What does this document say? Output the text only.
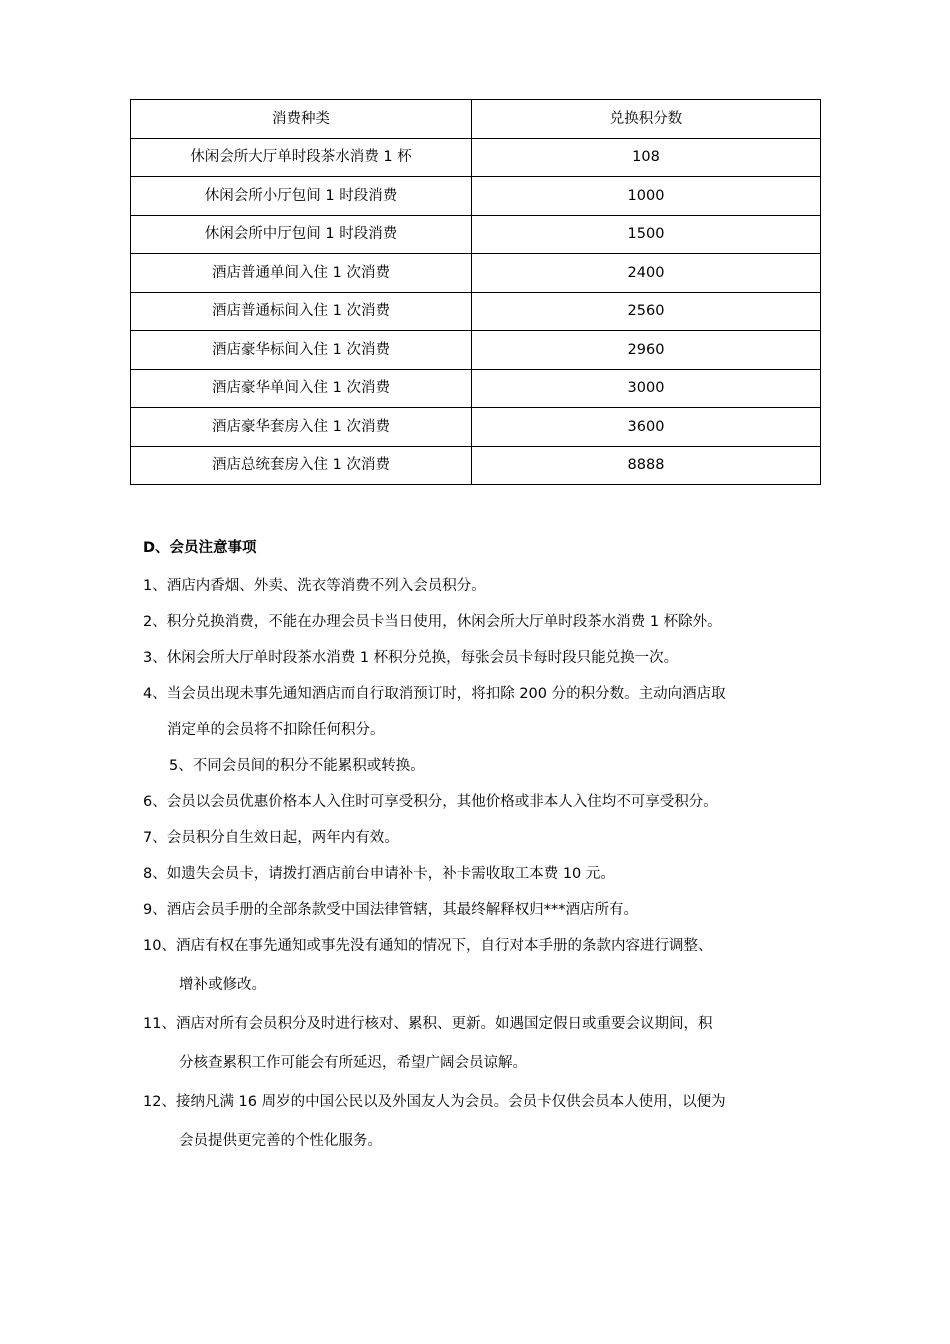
消费种类	兑换积分数
休闲会所大厅单时段茶水消费 1 杯	108
休闲会所小厅包间 1 时段消费	1000
休闲会所中厅包间 1 时段消费	1500
酒店普通单间入住 1 次消费	2400
酒店普通标间入住 1 次消费	2560
酒店豪华标间入住 1 次消费	2960
酒店豪华单间入住 1 次消费	3000
酒店豪华套房入住 1 次消费	3600
酒店总统套房入住 1 次消费	8888
D、会员注意事项
1、酒店内香烟、外卖、洗衣等消费不列入会员积分。
2、积分兑换消费，不能在办理会员卡当日使用，休闲会所大厅单时段茶水消费 1 杯除外。
3、休闲会所大厅单时段茶水消费 1 杯积分兑换，每张会员卡每时段只能兑换一次。
4、当会员出现未事先通知酒店而自行取消预订时，将扣除 200 分的积分数。主动向酒店取
消定单的会员将不扣除任何积分。
5、不同会员间的积分不能累积或转换。
6、会员以会员优惠价格本人入住时可享受积分，其他价格或非本人入住均不可享受积分。
7、会员积分自生效日起，两年内有效。
8、如遗失会员卡，请拨打酒店前台申请补卡，补卡需收取工本费 10 元。
9、酒店会员手册的全部条款受中国法律管辖，其最终解释权归***酒店所有。
10、酒店有权在事先通知或事先没有通知的情况下，自行对本手册的条款内容进行调整、
增补或修改。
11、酒店对所有会员积分及时进行核对、累积、更新。如遇国定假日或重要会议期间，积
分核查累积工作可能会有所延迟，希望广阔会员谅解。
12、接纳凡满 16 周岁的中国公民以及外国友人为会员。会员卡仅供会员本人使用，以便为
会员提供更完善的个性化服务。
